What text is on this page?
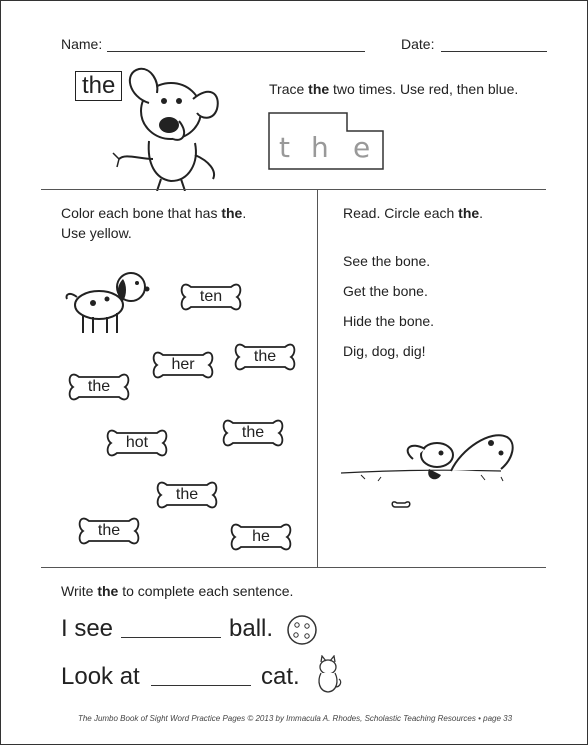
Name:	Date:
the	Trace the two times. Use red, then blue.
t h e
Color each bone that has the.
Use yellow.
ten
her	the
the
hot
the
the
the	he
Read. Circle each the.
See the bone.
Get the bone.
Hide the bone.
Dig, dog, dig!
Write the to complete each sentence.
I see	ball.
Look at	cat.
The Jumbo Book of Sight Word Practice Pages © 2013 by Immacula A. Rhodes, Scholastic Teaching Resources • page 33
